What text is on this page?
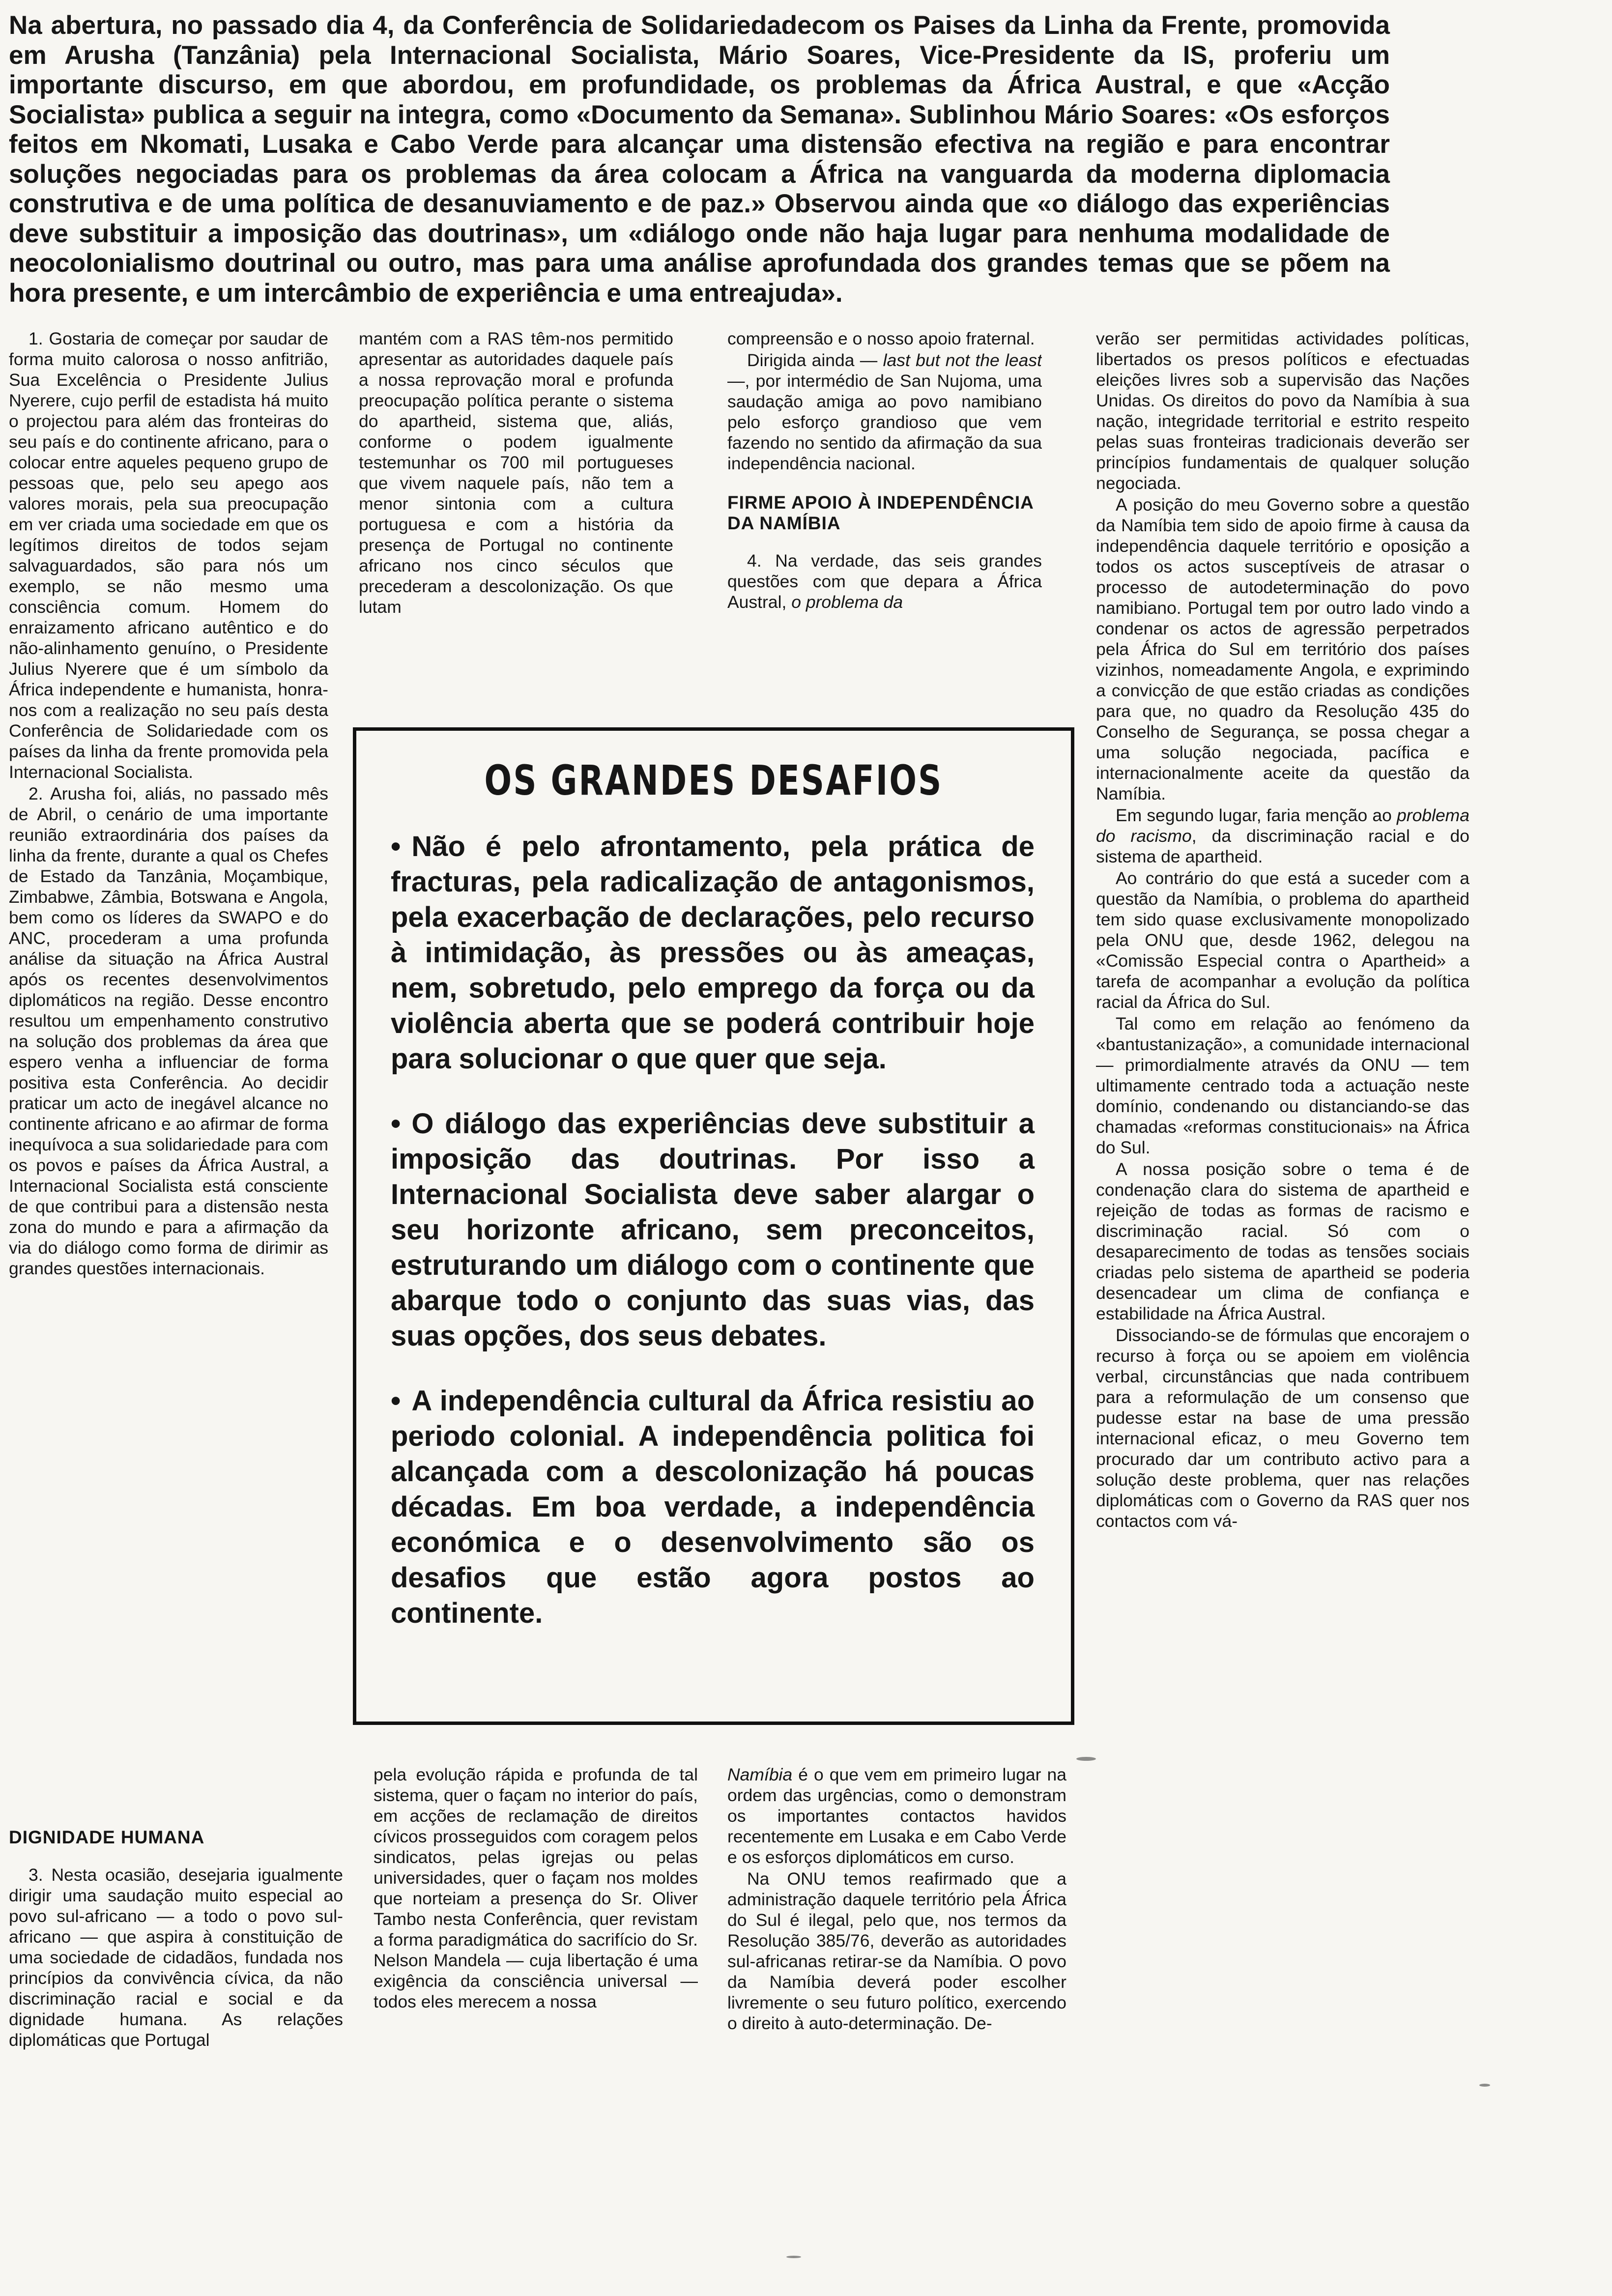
Na abertura, no passado dia 4, da Conferência de Solidariedadecom os Paises da Linha da Frente, promovida em Arusha (Tanzânia) pela Internacional Socialista, Mário Soares, Vice-Presidente da IS, proferiu um importante discurso, em que abordou, em profundidade, os problemas da África Austral, e que «Acção Socialista» publica a seguir na integra, como «Documento da Semana». Sublinhou Mário Soares: «Os esforços feitos em Nkomati, Lusaka e Cabo Verde para alcançar uma distensão efectiva na região e para encontrar soluções negociadas para os problemas da área colocam a África na vanguarda da moderna diplomacia construtiva e de uma política de desanuviamento e de paz.» Observou ainda que «o diálogo das experiências deve substituir a imposição das doutrinas», um «diálogo onde não haja lugar para nenhuma modalidade de neocolonialismo doutrinal ou outro, mas para uma análise aprofundada dos grandes temas que se põem na hora presente, e um intercâmbio de experiência e uma entreajuda».

1. Gostaria de começar por saudar de forma muito calorosa o nosso anfitrião, Sua Excelência o Presidente Julius Nyerere, cujo perfil de estadista há muito o projectou para além das fronteiras do seu país e do continente africano, para o colocar entre aqueles pequeno grupo de pessoas que, pelo seu apego aos valores morais, pela sua preocupação em ver criada uma sociedade em que os legítimos direitos de todos sejam salvaguardados, são para nós um exemplo, se não mesmo uma consciência comum. Homem do enraizamento africano autêntico e do não-alinhamento genuíno, o Presidente Julius Nyerere que é um símbolo da África independente e humanista, honra-nos com a realização no seu país desta Conferência de Solidariedade com os países da linha da frente promovida pela Internacional Socialista.

2. Arusha foi, aliás, no passado mês de Abril, o cenário de uma importante reunião extraordinária dos países da linha da frente, durante a qual os Chefes de Estado da Tanzânia, Moçambique, Zimbabwe, Zâmbia, Botswana e Angola, bem como os líderes da SWAPO e do ANC, procederam a uma profunda análise da situação na África Austral após os recentes desenvolvimentos diplomáticos na região. Desse encontro resultou um empenhamento construtivo na solução dos problemas da área que espero venha a influenciar de forma positiva esta Conferência. Ao decidir praticar um acto de inegável alcance no continente africano e ao afirmar de forma inequívoca a sua solidariedade para com os povos e países da África Austral, a Internacional Socialista está consciente de que contribui para a distensão nesta zona do mundo e para a afirmação da via do diálogo como forma de dirimir as grandes questões internacionais.

DIGNIDADE HUMANA

3. Nesta ocasião, desejaria igualmente dirigir uma saudação muito especial ao povo sul-africano — a todo o povo sul-africano — que aspira à constituição de uma sociedade de cidadãos, fundada nos princípios da convivência cívica, da não discriminação racial e social e da dignidade humana. As relações diplomáticas que Portugal

mantém com a RAS têm-nos permitido apresentar as autoridades daquele país a nossa reprovação moral e profunda preocupação política perante o sistema do apartheid, sistema que, aliás, conforme o podem igualmente testemunhar os 700 mil portugueses que vivem naquele país, não tem a menor sintonia com a cultura portuguesa e com a história da presença de Portugal no continente africano nos cinco séculos que precederam a descolonização. Os que lutam

pela evolução rápida e profunda de tal sistema, quer o façam no interior do país, em acções de reclamação de direitos cívicos prosseguidos com coragem pelos sindicatos, pelas igrejas ou pelas universidades, quer o façam nos moldes que norteiam a presença do Sr. Oliver Tambo nesta Conferência, quer revistam a forma paradigmática do sacrifício do Sr. Nelson Mandela — cuja libertação é uma exigência da consciência universal — todos eles merecem a nossa

compreensão e o nosso apoio fraternal.

Dirigida ainda — last but not the least —, por intermédio de San Nujoma, uma saudação amiga ao povo namibiano pelo esforço grandioso que vem fazendo no sentido da afirmação da sua independência nacional.

FIRME APOIO À INDEPENDÊNCIA DA NAMÍBIA

4. Na verdade, das seis grandes questões com que depara a África Austral, o problema da

Namíbia é o que vem em primeiro lugar na ordem das urgências, como o demonstram os importantes contactos havidos recentemente em Lusaka e em Cabo Verde e os esforços diplomáticos em curso.

Na ONU temos reafirmado que a administração daquele território pela África do Sul é ilegal, pelo que, nos termos da Resolução 385/76, deverão as autoridades sul-africanas retirar-se da Namíbia. O povo da Namíbia deverá poder escolher livremente o seu futuro político, exercendo o direito à auto-determinação. De-

verão ser permitidas actividades políticas, libertados os presos políticos e efectuadas eleições livres sob a supervisão das Nações Unidas. Os direitos do povo da Namíbia à sua nação, integridade territorial e estrito respeito pelas suas fronteiras tradicionais deverão ser princípios fundamentais de qualquer solução negociada.

A posição do meu Governo sobre a questão da Namíbia tem sido de apoio firme à causa da independência daquele território e oposição a todos os actos susceptíveis de atrasar o processo de autodeterminação do povo namibiano. Portugal tem por outro lado vindo a condenar os actos de agressão perpetrados pela África do Sul em território dos países vizinhos, nomeadamente Angola, e exprimindo a convicção de que estão criadas as condições para que, no quadro da Resolução 435 do Conselho de Segurança, se possa chegar a uma solução negociada, pacífica e internacionalmente aceite da questão da Namíbia.

Em segundo lugar, faria menção ao problema do racismo, da discriminação racial e do sistema de apartheid.

Ao contrário do que está a suceder com a questão da Namíbia, o problema do apartheid tem sido quase exclusivamente monopolizado pela ONU que, desde 1962, delegou na «Comissão Especial contra o Apartheid» a tarefa de acompanhar a evolução da política racial da África do Sul.

Tal como em relação ao fenómeno da «bantustanização», a comunidade internacional — primordialmente através da ONU — tem ultimamente centrado toda a actuação neste domínio, condenando ou distanciando-se das chamadas «reformas constitucionais» na África do Sul.

A nossa posição sobre o tema é de condenação clara do sistema de apartheid e rejeição de todas as formas de racismo e discriminação racial. Só com o desaparecimento de todas as tensões sociais criadas pelo sistema de apartheid se poderia desencadear um clima de confiança e estabilidade na África Austral.

Dissociando-se de fórmulas que encorajem o recurso à força ou se apoiem em violência verbal, circunstâncias que nada contribuem para a reformulação de um consenso que pudesse estar na base de uma pressão internacional eficaz, o meu Governo tem procurado dar um contributo activo para a solução deste problema, quer nas relações diplomáticas com o Governo da RAS quer nos contactos com vá-

OS GRANDES DESAFIOS

• Não é pelo afrontamento, pela prática de fracturas, pela radicalização de antagonismos, pela exacerbação de declarações, pelo recurso à intimidação, às pressões ou às ameaças, nem, sobretudo, pelo emprego da força ou da violência aberta que se poderá contribuir hoje para solucionar o que quer que seja.

• O diálogo das experiências deve substituir a imposição das doutrinas. Por isso a Internacional Socialista deve saber alargar o seu horizonte africano, sem preconceitos, estruturando um diálogo com o continente que abarque todo o conjunto das suas vias, das suas opções, dos seus debates.

• A independência cultural da África resistiu ao periodo colonial. A independência politica foi alcançada com a descolonização há poucas décadas. Em boa verdade, a independência económica e o desenvolvimento são os desafios que estão agora postos ao continente.
